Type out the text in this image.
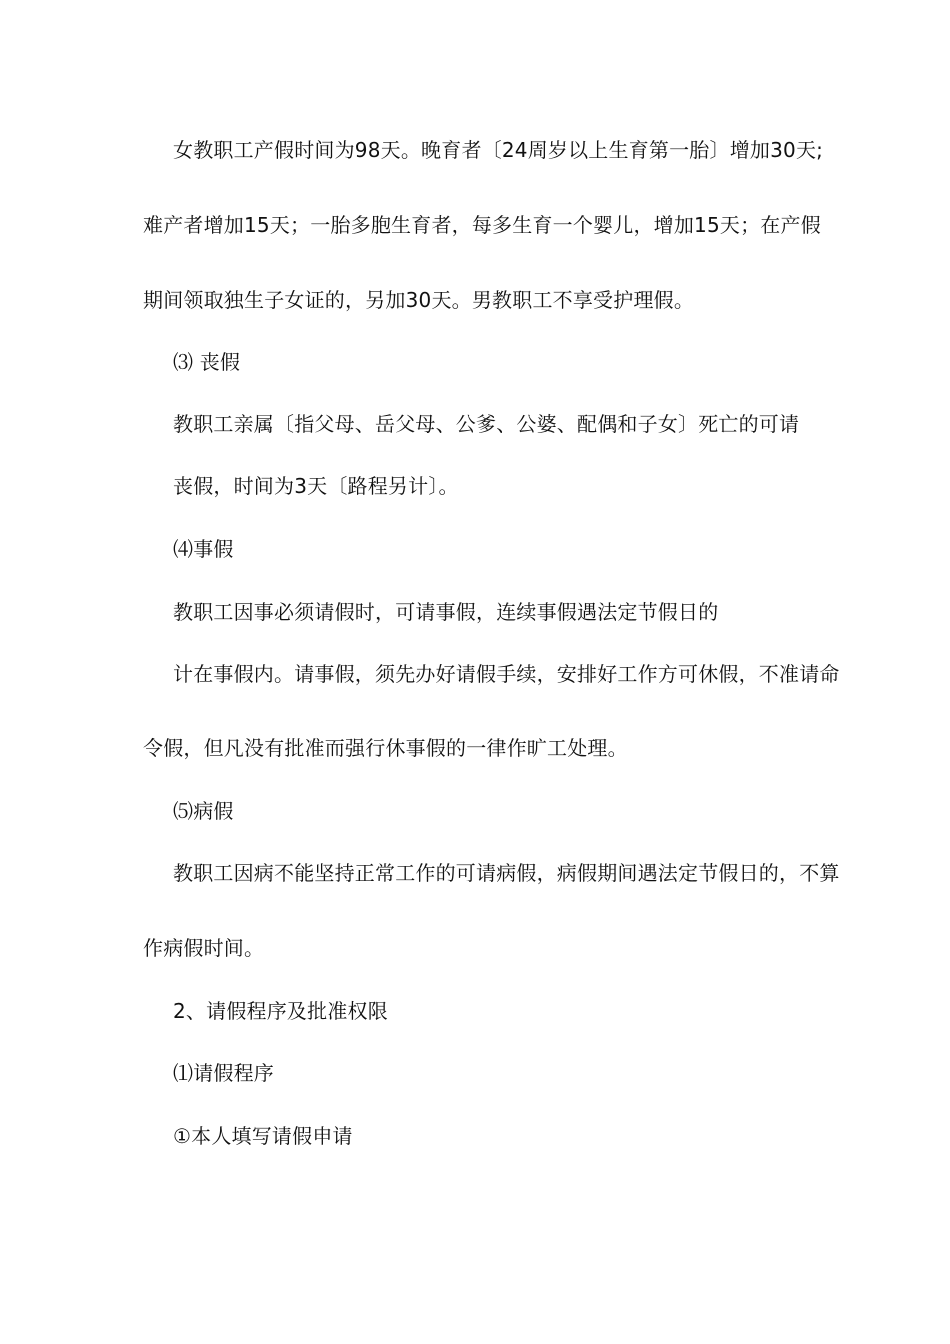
女教职工产假时间为98天。晚育者〔24周岁以上生育第一胎〕增加30天;
难产者增加15天；一胎多胞生育者，每多生育一个婴儿，增加15天；在产假
期间领取独生子女证的，另加30天。男教职工不享受护理假。
⑶ 丧假
教职工亲属〔指父母、岳父母、公爹、公婆、配偶和子女〕死亡的可请
丧假，时间为3天〔路程另计〕。
⑷事假
教职工因事必须请假时，可请事假，连续事假遇法定节假日的
计在事假内。请事假，须先办好请假手续，安排好工作方可休假，不准请命
令假，但凡没有批准而强行休事假的一律作旷工处理。
⑸病假
教职工因病不能坚持正常工作的可请病假，病假期间遇法定节假日的，不算
作病假时间。
2、请假程序及批准权限
⑴请假程序
①本人填写请假申请
